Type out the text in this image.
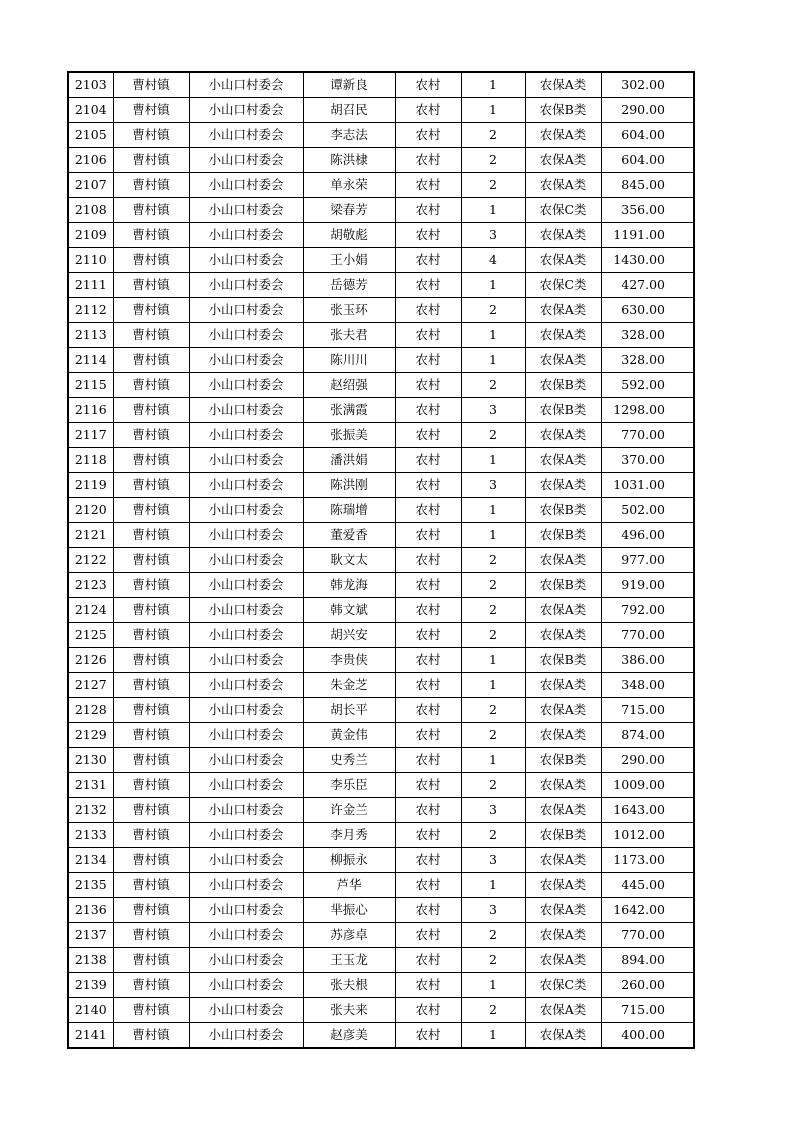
2103	曹村镇	小山口村委会	谭新良	农村	1	农保A类	302.00
2104	曹村镇	小山口村委会	胡召民	农村	1	农保B类	290.00
2105	曹村镇	小山口村委会	李志法	农村	2	农保A类	604.00
2106	曹村镇	小山口村委会	陈洪棣	农村	2	农保A类	604.00
2107	曹村镇	小山口村委会	单永荣	农村	2	农保A类	845.00
2108	曹村镇	小山口村委会	梁春芳	农村	1	农保C类	356.00
2109	曹村镇	小山口村委会	胡敬彪	农村	3	农保A类	1191.00
2110	曹村镇	小山口村委会	王小娟	农村	4	农保A类	1430.00
2111	曹村镇	小山口村委会	岳德芳	农村	1	农保C类	427.00
2112	曹村镇	小山口村委会	张玉环	农村	2	农保A类	630.00
2113	曹村镇	小山口村委会	张夫君	农村	1	农保A类	328.00
2114	曹村镇	小山口村委会	陈川川	农村	1	农保A类	328.00
2115	曹村镇	小山口村委会	赵绍强	农村	2	农保B类	592.00
2116	曹村镇	小山口村委会	张满霞	农村	3	农保B类	1298.00
2117	曹村镇	小山口村委会	张振美	农村	2	农保A类	770.00
2118	曹村镇	小山口村委会	潘洪娟	农村	1	农保A类	370.00
2119	曹村镇	小山口村委会	陈洪刚	农村	3	农保A类	1031.00
2120	曹村镇	小山口村委会	陈瑞增	农村	1	农保B类	502.00
2121	曹村镇	小山口村委会	董爱香	农村	1	农保B类	496.00
2122	曹村镇	小山口村委会	耿文太	农村	2	农保A类	977.00
2123	曹村镇	小山口村委会	韩龙海	农村	2	农保B类	919.00
2124	曹村镇	小山口村委会	韩文斌	农村	2	农保A类	792.00
2125	曹村镇	小山口村委会	胡兴安	农村	2	农保A类	770.00
2126	曹村镇	小山口村委会	李贵侠	农村	1	农保B类	386.00
2127	曹村镇	小山口村委会	朱金芝	农村	1	农保A类	348.00
2128	曹村镇	小山口村委会	胡长平	农村	2	农保A类	715.00
2129	曹村镇	小山口村委会	黄金伟	农村	2	农保A类	874.00
2130	曹村镇	小山口村委会	史秀兰	农村	1	农保B类	290.00
2131	曹村镇	小山口村委会	李乐臣	农村	2	农保A类	1009.00
2132	曹村镇	小山口村委会	许金兰	农村	3	农保A类	1643.00
2133	曹村镇	小山口村委会	李月秀	农村	2	农保B类	1012.00
2134	曹村镇	小山口村委会	柳振永	农村	3	农保A类	1173.00
2135	曹村镇	小山口村委会	芦华	农村	1	农保A类	445.00
2136	曹村镇	小山口村委会	芈振心	农村	3	农保A类	1642.00
2137	曹村镇	小山口村委会	苏彦卓	农村	2	农保A类	770.00
2138	曹村镇	小山口村委会	王玉龙	农村	2	农保A类	894.00
2139	曹村镇	小山口村委会	张夫根	农村	1	农保C类	260.00
2140	曹村镇	小山口村委会	张夫来	农村	2	农保A类	715.00
2141	曹村镇	小山口村委会	赵彦美	农村	1	农保A类	400.00
